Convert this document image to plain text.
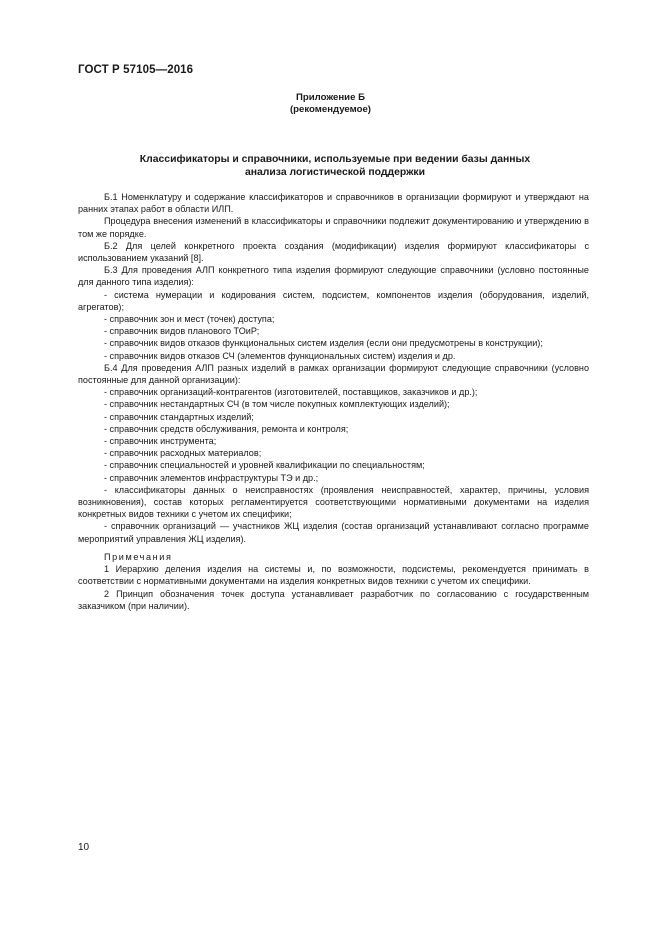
ГОСТ Р 57105—2016
Приложение Б
(рекомендуемое)
Классификаторы и справочники, используемые при ведении базы данных
анализа логистической поддержки

Б.1 Номенклатуру и содержание классификаторов и справочников в организации формируют и утверждают на ранних этапах работ в области ИЛП.

Процедура внесения изменений в классификаторы и справочники подлежит документированию и утверждению в том же порядке.

Б.2 Для целей конкретного проекта создания (модификации) изделия формируют классификаторы с использованием указаний [8].

Б.3 Для проведения АЛП конкретного типа изделия формируют следующие справочники (условно постоянные для данного типа изделия):

- система нумерации и кодирования систем, подсистем, компонентов изделия (оборудования, изделий, агрегатов);

- справочник зон и мест (точек) доступа;

- справочник видов планового ТОиР;

- справочник видов отказов функциональных систем изделия (если они предусмотрены в конструкции);

- справочник видов отказов СЧ (элементов функциональных систем) изделия и др.

Б.4 Для проведения АЛП разных изделий в рамках организации формируют следующие справочники (условно постоянные для данной организации):

- справочник организаций-контрагентов (изготовителей, поставщиков, заказчиков и др.);

- справочник нестандартных СЧ (в том числе покупных комплектующих изделий);

- справочник стандартных изделий;

- справочник средств обслуживания, ремонта и контроля;

- справочник инструмента;

- справочник расходных материалов;

- справочник специальностей и уровней квалификации по специальностям;

- справочник элементов инфраструктуры ТЭ и др.;

- классификаторы данных о неисправностях (проявления неисправностей, характер, причины, условия возникновения), состав которых регламентируется соответствующими нормативными документами на изделия конкретных видов техники с учетом их специфики;

- справочник организаций — участников ЖЦ изделия (состав организаций устанавливают согласно программе мероприятий управления ЖЦ изделия).

Примечания

1 Иерархию деления изделия на системы и, по возможности, подсистемы, рекомендуется принимать в соответствии с нормативными документами на изделия конкретных видов техники с учетом их специфики.

2 Принцип обозначения точек доступа устанавливает разработчик по согласованию с государственным заказчиком (при наличии).

10
